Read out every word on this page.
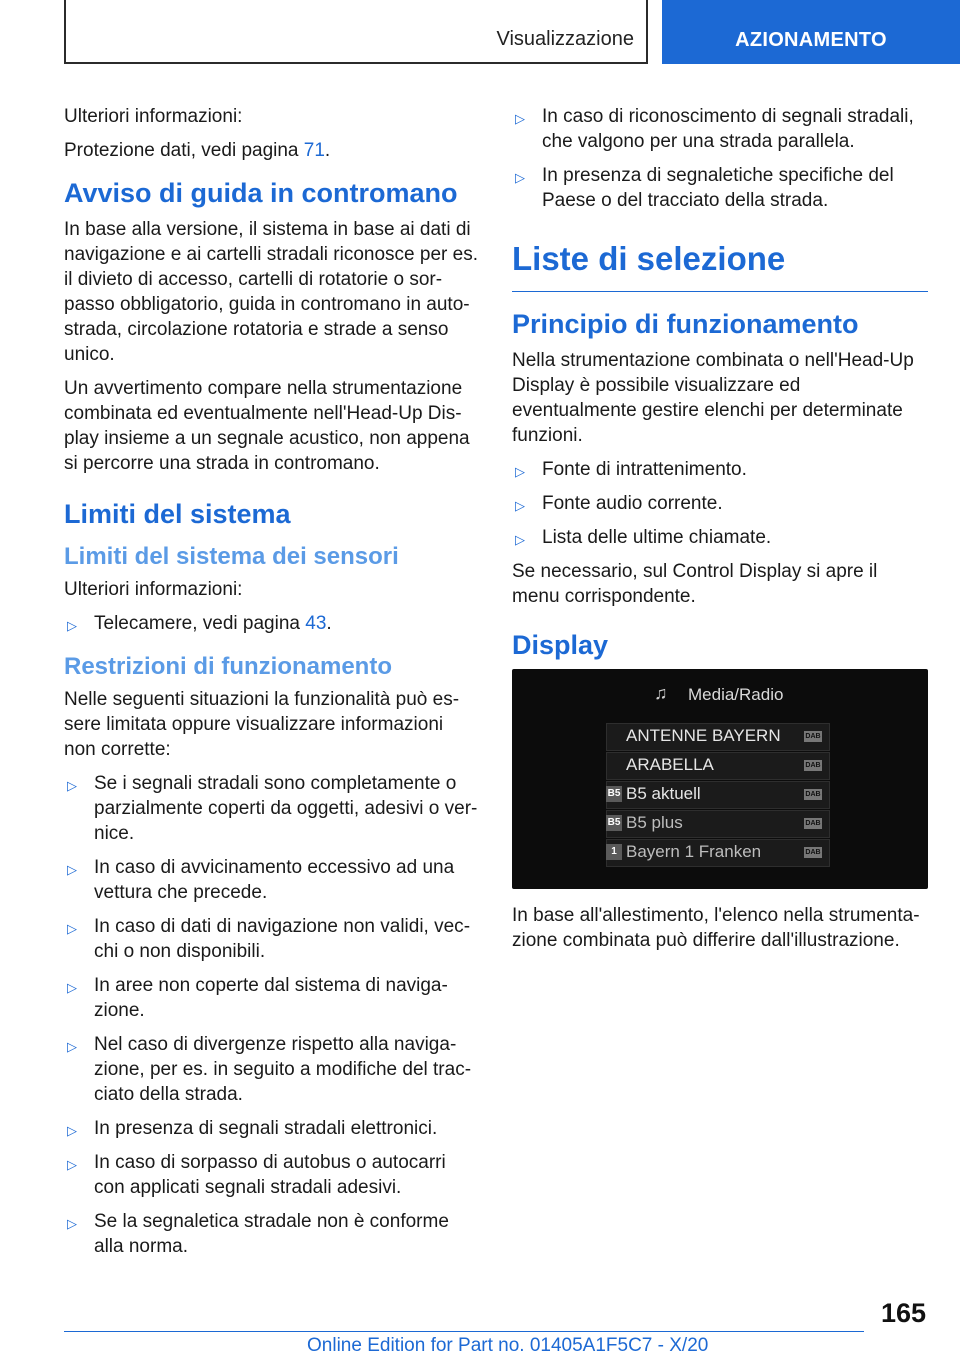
Visualizzazione	AZIONAMENTO

Ulteriori informazioni:

Protezione dati, vedi pagina 71.

Avviso di guida in contromano

In base alla versione, il sistema in base ai dati di navigazione e ai cartelli stradali riconosce per es. il divieto di accesso, cartelli di rotatorie o sorpasso obbligatorio, guida in contromano in autostrada, circolazione rotatoria e strade a senso unico.

Un avvertimento compare nella strumentazione combinata ed eventualmente nell'Head-Up Display insieme a un segnale acustico, non appena si percorre una strada in contromano.

Limiti del sistema
Limiti del sistema dei sensori

Ulteriori informazioni:

▷ Telecamere, vedi pagina 43.
Restrizioni di funzionamento

Nelle seguenti situazioni la funzionalità può essere limitata oppure visualizzare informazioni non corrette:

▷ Se i segnali stradali sono completamente o parzialmente coperti da oggetti, adesivi o vernice.
▷ In caso di avvicinamento eccessivo ad una vettura che precede.
▷ In caso di dati di navigazione non validi, vecchi o non disponibili.
▷ In aree non coperte dal sistema di navigazione.
▷ Nel caso di divergenze rispetto alla navigazione, per es. in seguito a modifiche del tracciato della strada.
▷ In presenza di segnali stradali elettronici.
▷ In caso di sorpasso di autobus o autocarri con applicati segnali stradali adesivi.
▷ Se la segnaletica stradale non è conforme alla norma.
▷ In caso di riconoscimento di segnali stradali, che valgono per una strada parallela.
▷ In presenza di segnaletiche specifiche del Paese o del tracciato della strada.
Liste di selezione
Principio di funzionamento

Nella strumentazione combinata o nell'Head-Up Display è possibile visualizzare ed eventualmente gestire elenchi per determinate funzioni.

▷ Fonte di intrattenimento.
▷ Fonte audio corrente.
▷ Lista delle ultime chiamate.

Se necessario, sul Control Display si apre il menu corrispondente.

Display
♫ Media/Radio
ANTENNE BAYERN	DAB
ARABELLA	DAB
B5 B5 aktuell	DAB
B5 B5 plus	DAB
1 Bayern 1 Franken	DAB

In base all'allestimento, l'elenco nella strumentazione combinata può differire dall'illustrazione.

165
Online Edition for Part no. 01405A1F5C7 - X/20
